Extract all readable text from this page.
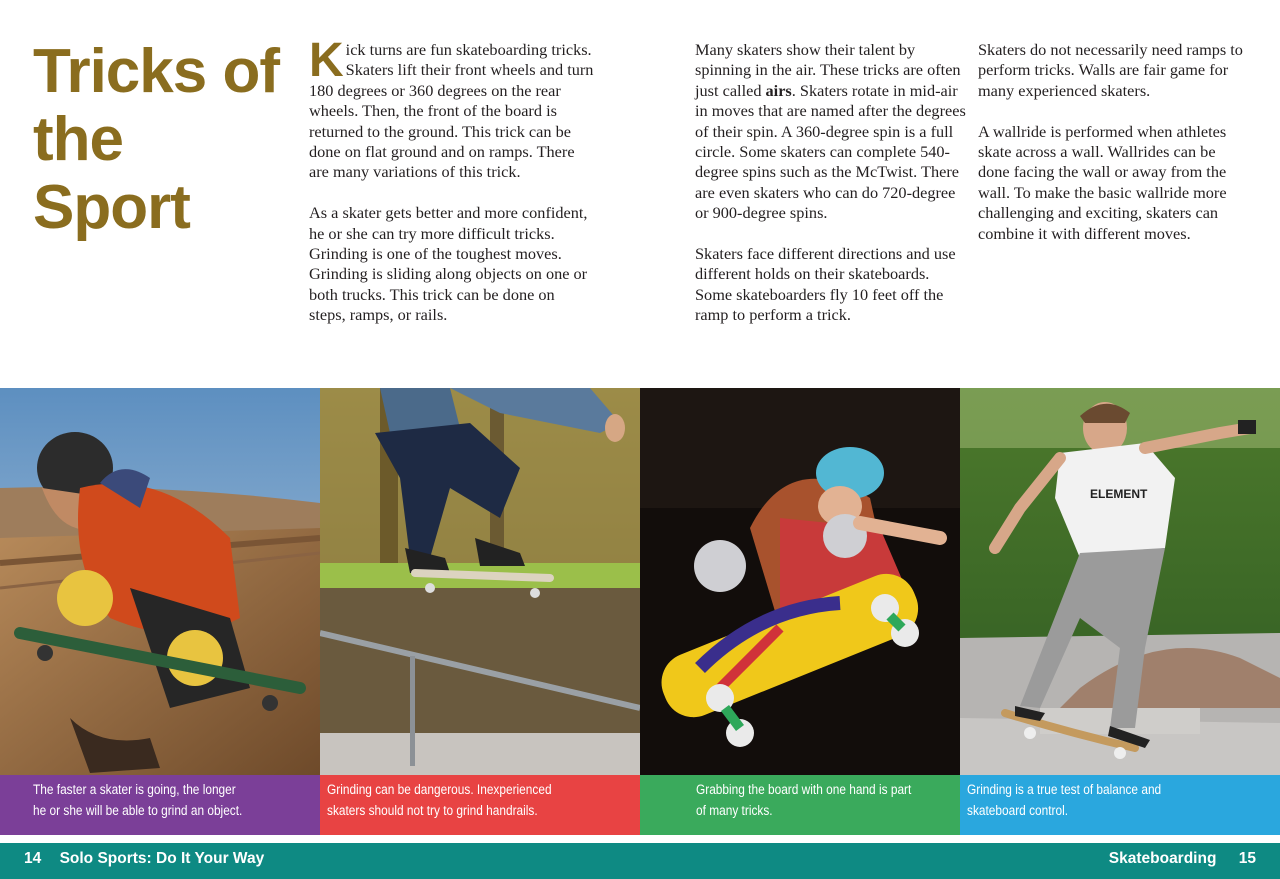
Tricks of
the Sport

Kick turns are fun skateboarding tricks. Skaters lift their front wheels and turn 180 degrees or 360 degrees on the rear wheels. Then, the front of the board is returned to the ground. This trick can be done on flat ground and on ramps. There are many variations of this trick.

As a skater gets better and more confident, he or she can try more difficult tricks. Grinding is one of the toughest moves. Grinding is sliding along objects on one or both trucks. This trick can be done on steps, ramps, or rails.

Many skaters show their talent by spinning in the air. These tricks are often just called airs. Skaters rotate in mid-air in moves that are named after the degrees of their spin. A 360-degree spin is a full circle. Some skaters can complete 540-degree spins such as the McTwist. There are even skaters who can do 720-degree or 900-degree spins.

Skaters face different directions and use different holds on their skateboards. Some skateboarders fly 10 feet off the ramp to perform a trick.

Skaters do not necessarily need ramps to perform tricks. Walls are fair game for many experienced skaters.

A wallride is performed when athletes skate across a wall. Wallrides can be done facing the wall or away from the wall. To make the basic wallride more challenging and exciting, skaters can combine it with different moves.

ELEMENT
The faster a skater is going, the longer
he or she will be able to grind an object.
Grinding can be dangerous. Inexperienced
skaters should not try to grind handrails.
Grabbing the board with one hand is part
of many tricks.
Grinding is a true test of balance and
skateboard control.
14 Solo Sports: Do It Your Way	Skateboarding 15
